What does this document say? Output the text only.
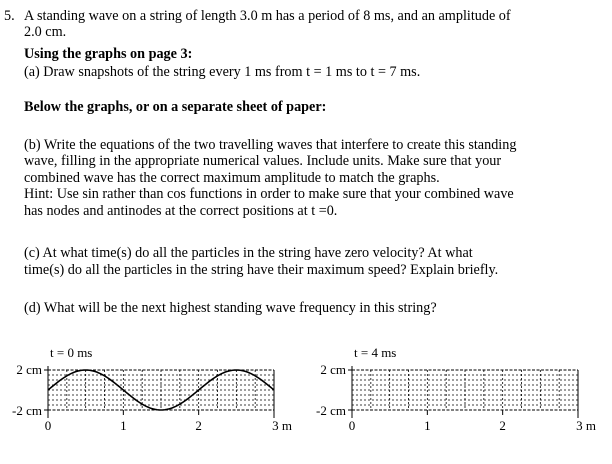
5. A standing wave on a string of length 3.0 m has a period of 8 ms, and an amplitude of
2.0 cm.
Using the graphs on page 3:
(a) Draw snapshots of the string every 1 ms from t = 1 ms to t = 7 ms.
Below the graphs, or on a separate sheet of paper:
(b) Write the equations of the two travelling waves that interfere to create this standing
wave, filling in the appropriate numerical values. Include units. Make sure that your
combined wave has the correct maximum amplitude to match the graphs.
Hint: Use sin rather than cos functions in order to make sure that your combined wave
has nodes and antinodes at the correct positions at t =0.
(c) At what time(s) do all the particles in the string have zero velocity? At what
time(s) do all the particles in the string have their maximum speed? Explain briefly.
(d) What will be the next highest standing wave frequency in this string?
t = 0 ms
2 cm
-2 cm
0	1	2	3 m
t = 4 ms
2 cm
-2 cm
0	1	2	3 m
